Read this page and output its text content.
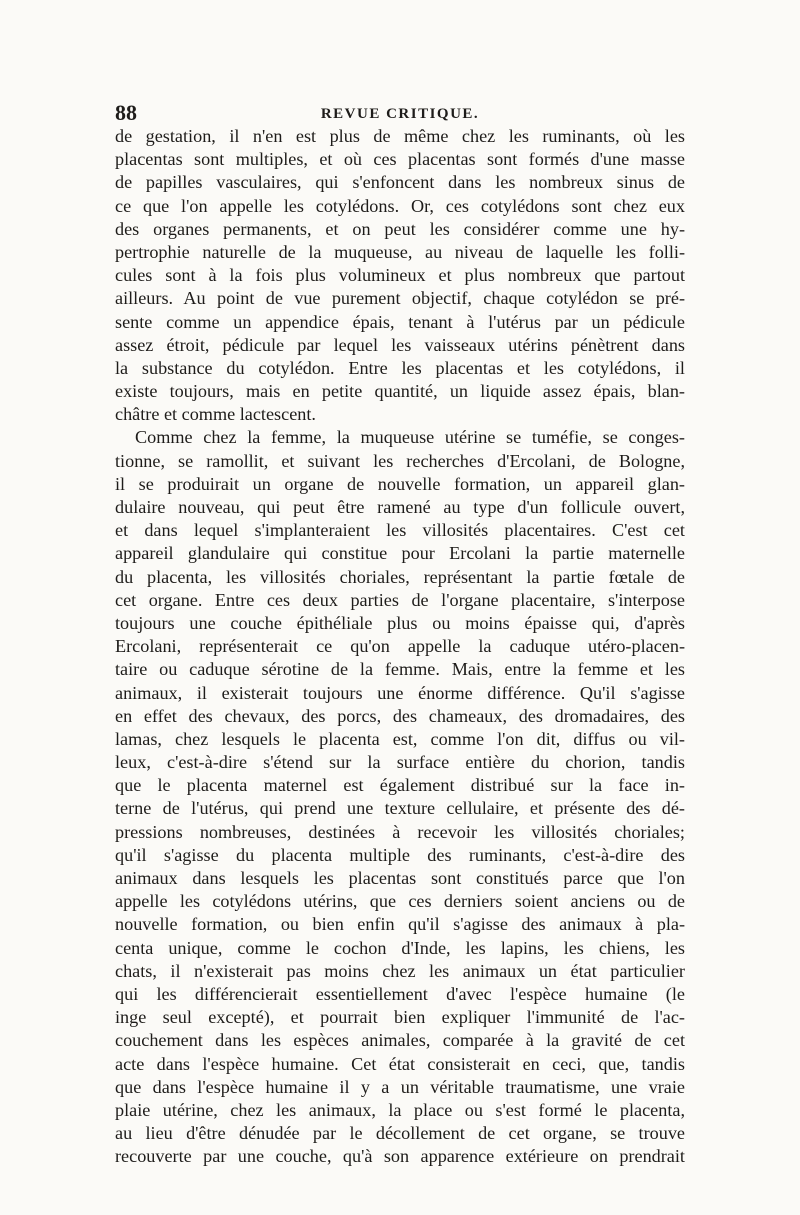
88	REVUE CRITIQUE.
de gestation, il n'en est plus de même chez les ruminants, où les
placentas sont multiples, et où ces placentas sont formés d'une masse
de papilles vasculaires, qui s'enfoncent dans les nombreux sinus de
ce que l'on appelle les cotylédons. Or, ces cotylédons sont chez eux
des organes permanents, et on peut les considérer comme une hy-
pertrophie naturelle de la muqueuse, au niveau de laquelle les folli-
cules sont à la fois plus volumineux et plus nombreux que partout
ailleurs. Au point de vue purement objectif, chaque cotylédon se pré-
sente comme un appendice épais, tenant à l'utérus par un pédicule
assez étroit, pédicule par lequel les vaisseaux utérins pénètrent dans
la substance du cotylédon. Entre les placentas et les cotylédons, il
existe toujours, mais en petite quantité, un liquide assez épais, blan-
châtre et comme lactescent.
Comme chez la femme, la muqueuse utérine se tuméfie, se conges-
tionne, se ramollit, et suivant les recherches d'Ercolani, de Bologne,
il se produirait un organe de nouvelle formation, un appareil glan-
dulaire nouveau, qui peut être ramené au type d'un follicule ouvert,
et dans lequel s'implanteraient les villosités placentaires. C'est cet
appareil glandulaire qui constitue pour Ercolani la partie maternelle
du placenta, les villosités choriales, représentant la partie fœtale de
cet organe. Entre ces deux parties de l'organe placentaire, s'interpose
toujours une couche épithéliale plus ou moins épaisse qui, d'après
Ercolani, représenterait ce qu'on appelle la caduque utéro-placen-
taire ou caduque sérotine de la femme. Mais, entre la femme et les
animaux, il existerait toujours une énorme différence. Qu'il s'agisse
en effet des chevaux, des porcs, des chameaux, des dromadaires, des
lamas, chez lesquels le placenta est, comme l'on dit, diffus ou vil-
leux, c'est-à-dire s'étend sur la surface entière du chorion, tandis
que le placenta maternel est également distribué sur la face in-
terne de l'utérus, qui prend une texture cellulaire, et présente des dé-
pressions nombreuses, destinées à recevoir les villosités choriales;
qu'il s'agisse du placenta multiple des ruminants, c'est-à-dire des
animaux dans lesquels les placentas sont constitués parce que l'on
appelle les cotylédons utérins, que ces derniers soient anciens ou de
nouvelle formation, ou bien enfin qu'il s'agisse des animaux à pla-
centa unique, comme le cochon d'Inde, les lapins, les chiens, les
chats, il n'existerait pas moins chez les animaux un état particulier
qui les différencierait essentiellement d'avec l'espèce humaine (le
inge seul excepté), et pourrait bien expliquer l'immunité de l'ac-
couchement dans les espèces animales, comparée à la gravité de cet
acte dans l'espèce humaine. Cet état consisterait en ceci, que, tandis
que dans l'espèce humaine il y a un véritable traumatisme, une vraie
plaie utérine, chez les animaux, la place ou s'est formé le placenta,
au lieu d'être dénudée par le décollement de cet organe, se trouve
recouverte par une couche, qu'à son apparence extérieure on prendrait
